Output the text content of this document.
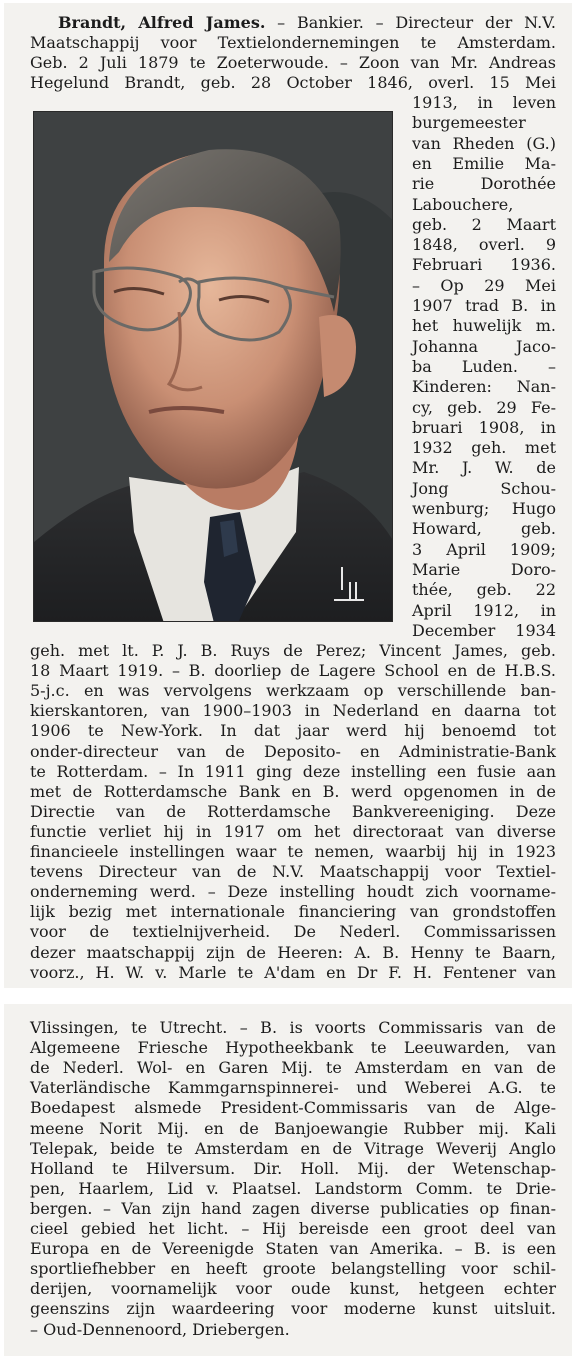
Brandt, Alfred James. – Bankier. – Directeur der N.V.
Maatschappij voor Textielondernemingen te Amsterdam.
Geb. 2 Juli 1879 te Zoeterwoude. – Zoon van Mr. Andreas
Hegelund Brandt, geb. 28 October 1846, overl. 15 Mei
1913, in leven
burgemeester
van Rheden (G.)
en Emilie Ma-
rie Dorothée
Labouchere,
geb. 2 Maart
1848, overl. 9
Februari 1936.
– Op 29 Mei
1907 trad B. in
het huwelijk m.
Johanna Jaco-
ba Luden. –
Kinderen: Nan-
cy, geb. 29 Fe-
bruari 1908, in
1932 geh. met
Mr. J. W. de
Jong Schou-
wenburg; Hugo
Howard, geb.
3 April 1909;
Marie Doro-
thée, geb. 22
April 1912, in
December 1934
geh. met lt. P. J. B. Ruys de Perez; Vincent James, geb.
18 Maart 1919. – B. doorliep de Lagere School en de H.B.S.
5-j.c. en was vervolgens werkzaam op verschillende ban-
kierskantoren, van 1900–1903 in Nederland en daarna tot
1906 te New-York. In dat jaar werd hij benoemd tot
onder-directeur van de Deposito- en Administratie-Bank
te Rotterdam. – In 1911 ging deze instelling een fusie aan
met de Rotterdamsche Bank en B. werd opgenomen in de
Directie van de Rotterdamsche Bankvereeniging. Deze
functie verliet hij in 1917 om het directoraat van diverse
financieele instellingen waar te nemen, waarbij hij in 1923
tevens Directeur van de N.V. Maatschappij voor Textiel-
onderneming werd. – Deze instelling houdt zich voorname-
lijk bezig met internationale financiering van grondstoffen
voor de textielnijverheid. De Nederl. Commissarissen
dezer maatschappij zijn de Heeren: A. B. Henny te Baarn,
voorz., H. W. v. Marle te A'dam en Dr F. H. Fentener van
Vlissingen, te Utrecht. – B. is voorts Commissaris van de
Algemeene Friesche Hypotheekbank te Leeuwarden, van
de Nederl. Wol- en Garen Mij. te Amsterdam en van de
Vaterländische Kammgarnspinnerei- und Weberei A.G. te
Boedapest alsmede President-Commissaris van de Alge-
meene Norit Mij. en de Banjoewangie Rubber mij. Kali
Telepak, beide te Amsterdam en de Vitrage Weverij Anglo
Holland te Hilversum. Dir. Holl. Mij. der Wetenschap-
pen, Haarlem, Lid v. Plaatsel. Landstorm Comm. te Drie-
bergen. – Van zijn hand zagen diverse publicaties op finan-
cieel gebied het licht. – Hij bereisde een groot deel van
Europa en de Vereenigde Staten van Amerika. – B. is een
sportliefhebber en heeft groote belangstelling voor schil-
derijen, voornamelijk voor oude kunst, hetgeen echter
geenszins zijn waardeering voor moderne kunst uitsluit.
– Oud-Dennenoord, Driebergen.
